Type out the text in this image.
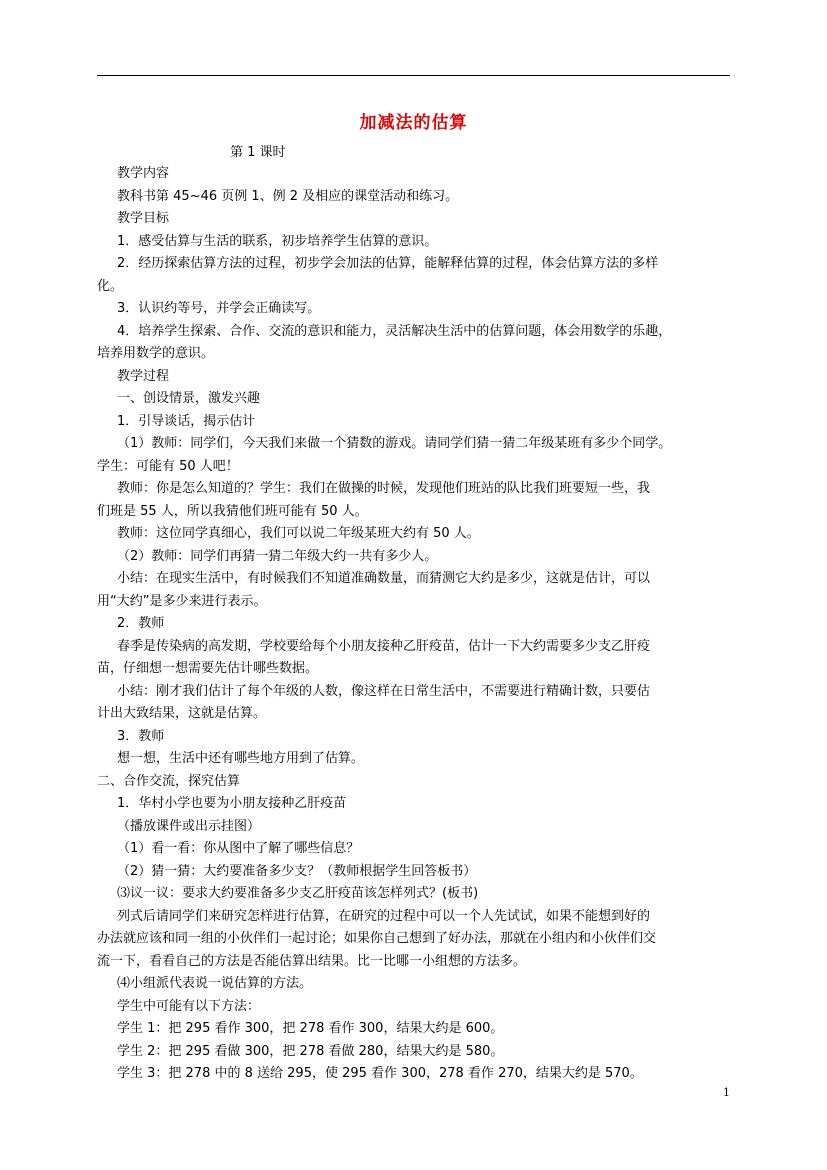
加减法的估算
第 1 课时
教学内容
教科书第 45~46 页例 1、例 2 及相应的课堂活动和练习。
教学目标
1．感受估算与生活的联系，初步培养学生估算的意识。
2．经历探索估算方法的过程，初步学会加法的估算，能解释估算的过程，体会估算方法的多样
化。
3．认识约等号，并学会正确读写。
4．培养学生探索、合作、交流的意识和能力，灵活解决生活中的估算问题，体会用数学的乐趣，
培养用数学的意识。
教学过程
一、创设情景，激发兴趣
1．引导谈话，揭示估计
（1）教师：同学们，今天我们来做一个猜数的游戏。请同学们猜一猜二年级某班有多少个同学。
学生：可能有 50 人吧！
教师：你是怎么知道的？学生：我们在做操的时候，发现他们班站的队比我们班要短一些，我
们班是 55 人，所以我猜他们班可能有 50 人。
教师：这位同学真细心，我们可以说二年级某班大约有 50 人。
（2）教师：同学们再猜一猜二年级大约一共有多少人。
小结：在现实生活中，有时候我们不知道准确数量，而猜测它大约是多少，这就是估计，可以
用“大约”是多少来进行表示。
2．教师
春季是传染病的高发期，学校要给每个小朋友接种乙肝疫苗，估计一下大约需要多少支乙肝疫
苗，仔细想一想需要先估计哪些数据。
小结：刚才我们估计了每个年级的人数，像这样在日常生活中，不需要进行精确计数，只要估
计出大致结果，这就是估算。
3．教师
想一想，生活中还有哪些地方用到了估算。
二、合作交流，探究估算
1．华村小学也要为小朋友接种乙肝疫苗
（播放课件或出示挂图）
（1）看一看：你从图中了解了哪些信息？
（2）猜一猜：大约要准备多少支？（教师根据学生回答板书）
⑶议一议：要求大约要准备多少支乙肝疫苗该怎样列式？(板书)
列式后请同学们来研究怎样进行估算，在研究的过程中可以一个人先试试，如果不能想到好的
办法就应该和同一组的小伙伴们一起讨论；如果你自己想到了好办法，那就在小组内和小伙伴们交
流一下，看看自己的方法是否能估算出结果。比一比哪一小组想的方法多。
⑷小组派代表说一说估算的方法。
学生中可能有以下方法：
学生 1：把 295 看作 300，把 278 看作 300，结果大约是 600。
学生 2：把 295 看做 300，把 278 看做 280，结果大约是 580。
学生 3：把 278 中的 8 送给 295，使 295 看作 300，278 看作 270，结果大约是 570。
1
